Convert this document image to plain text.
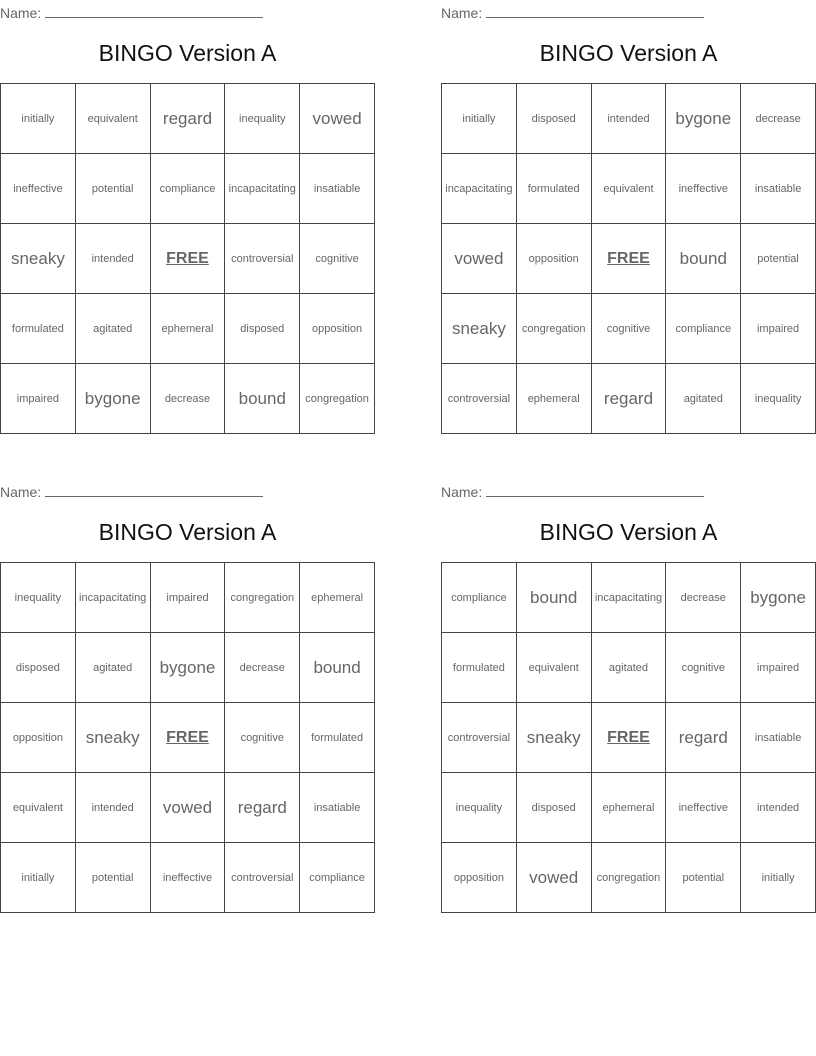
Name:
BINGO Version A
initially	equivalent	regard	inequality	vowed
ineffective	potential	compliance	incapacitating	insatiable
sneaky	intended	FREE	controversial	cognitive
formulated	agitated	ephemeral	disposed	opposition
impaired	bygone	decrease	bound	congregation
Name:
BINGO Version A
initially	disposed	intended	bygone	decrease
incapacitating	formulated	equivalent	ineffective	insatiable
vowed	opposition	FREE	bound	potential
sneaky	congregation	cognitive	compliance	impaired
controversial	ephemeral	regard	agitated	inequality
Name:
BINGO Version A
inequality	incapacitating	impaired	congregation	ephemeral
disposed	agitated	bygone	decrease	bound
opposition	sneaky	FREE	cognitive	formulated
equivalent	intended	vowed	regard	insatiable
initially	potential	ineffective	controversial	compliance
Name:
BINGO Version A
compliance	bound	incapacitating	decrease	bygone
formulated	equivalent	agitated	cognitive	impaired
controversial	sneaky	FREE	regard	insatiable
inequality	disposed	ephemeral	ineffective	intended
opposition	vowed	congregation	potential	initially
